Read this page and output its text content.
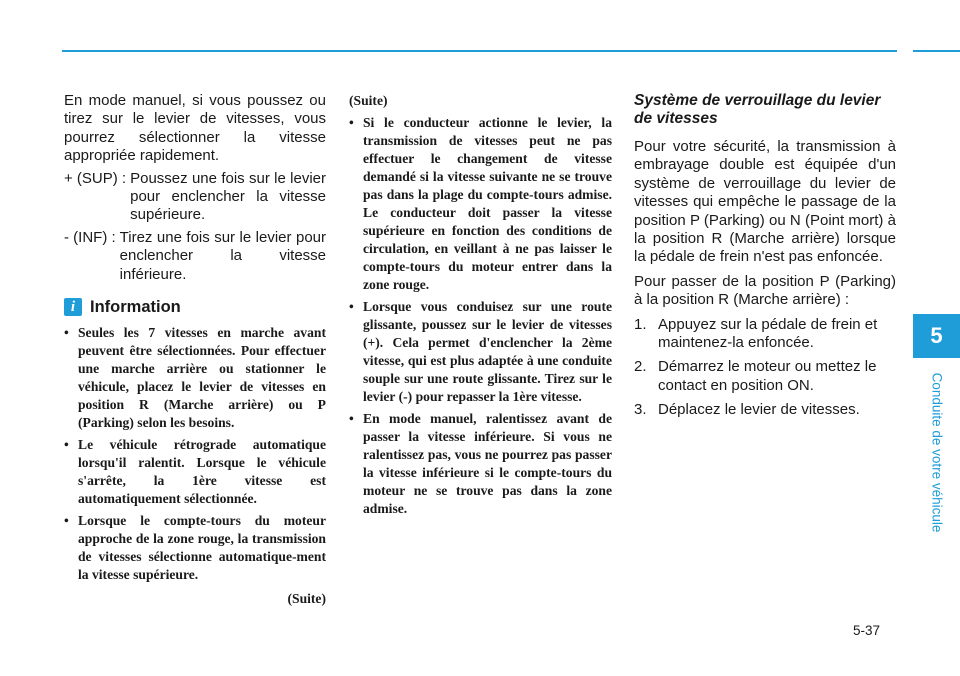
5
Conduite de votre véhicule

En mode manuel, si vous poussez ou tirez sur le levier de vitesses, vous pourrez sélectionner la vitesse appropriée rapidement.

+ (SUP) : Poussez une fois sur le levier pour enclencher la vitesse supérieure.
- (INF) : Tirez une fois sur le levier pour enclencher la vitesse inférieure.
i Information
• Seules les 7 vitesses en marche avant peuvent être sélectionnées. Pour effectuer une marche arrière ou stationner le véhicule, placez le levier de vitesses en position R (Marche arrière) ou P (Parking) selon les besoins.
• Le véhicule rétrograde automatique lorsqu'il ralentit. Lorsque le véhicule s'arrête, la 1ère vitesse est automatiquement sélectionnée.
• Lorsque le compte-tours du moteur approche de la zone rouge, la transmission de vitesses sélectionne automatique-ment la vitesse supérieure.

(Suite)

(Suite)

• Si le conducteur actionne le levier, la transmission de vitesses peut ne pas effectuer le changement de vitesse demandé si la vitesse suivante ne se trouve pas dans la plage du compte-tours admise. Le conducteur doit passer la vitesse supérieure en fonction des conditions de circulation, en veillant à ne pas laisser le compte-tours du moteur entrer dans la zone rouge.
• Lorsque vous conduisez sur une route glissante, poussez sur le levier de vitesses (+). Cela permet d'enclencher la 2ème vitesse, qui est plus adaptée à une conduite souple sur une route glissante. Tirez sur le levier (-) pour repasser la 1ère vitesse.
• En mode manuel, ralentissez avant de passer la vitesse inférieure. Si vous ne ralentissez pas, vous ne pourrez pas passer la vitesse inférieure si le compte-tours du moteur ne se trouve pas dans la zone admise.

Système de verrouillage du levier de vitesses

Pour votre sécurité, la transmission à embrayage double est équipée d'un système de verrouillage du levier de vitesses qui empêche le passage de la position P (Parking) ou N (Point mort) à la position R (Marche arrière) lorsque la pédale de frein n'est pas enfoncée.

Pour passer de la position P (Parking) à la position R (Marche arrière) :

1. Appuyez sur la pédale de frein et maintenez-la enfoncée.
2. Démarrez le moteur ou mettez le contact en position ON.
3. Déplacez le levier de vitesses.
5-37
